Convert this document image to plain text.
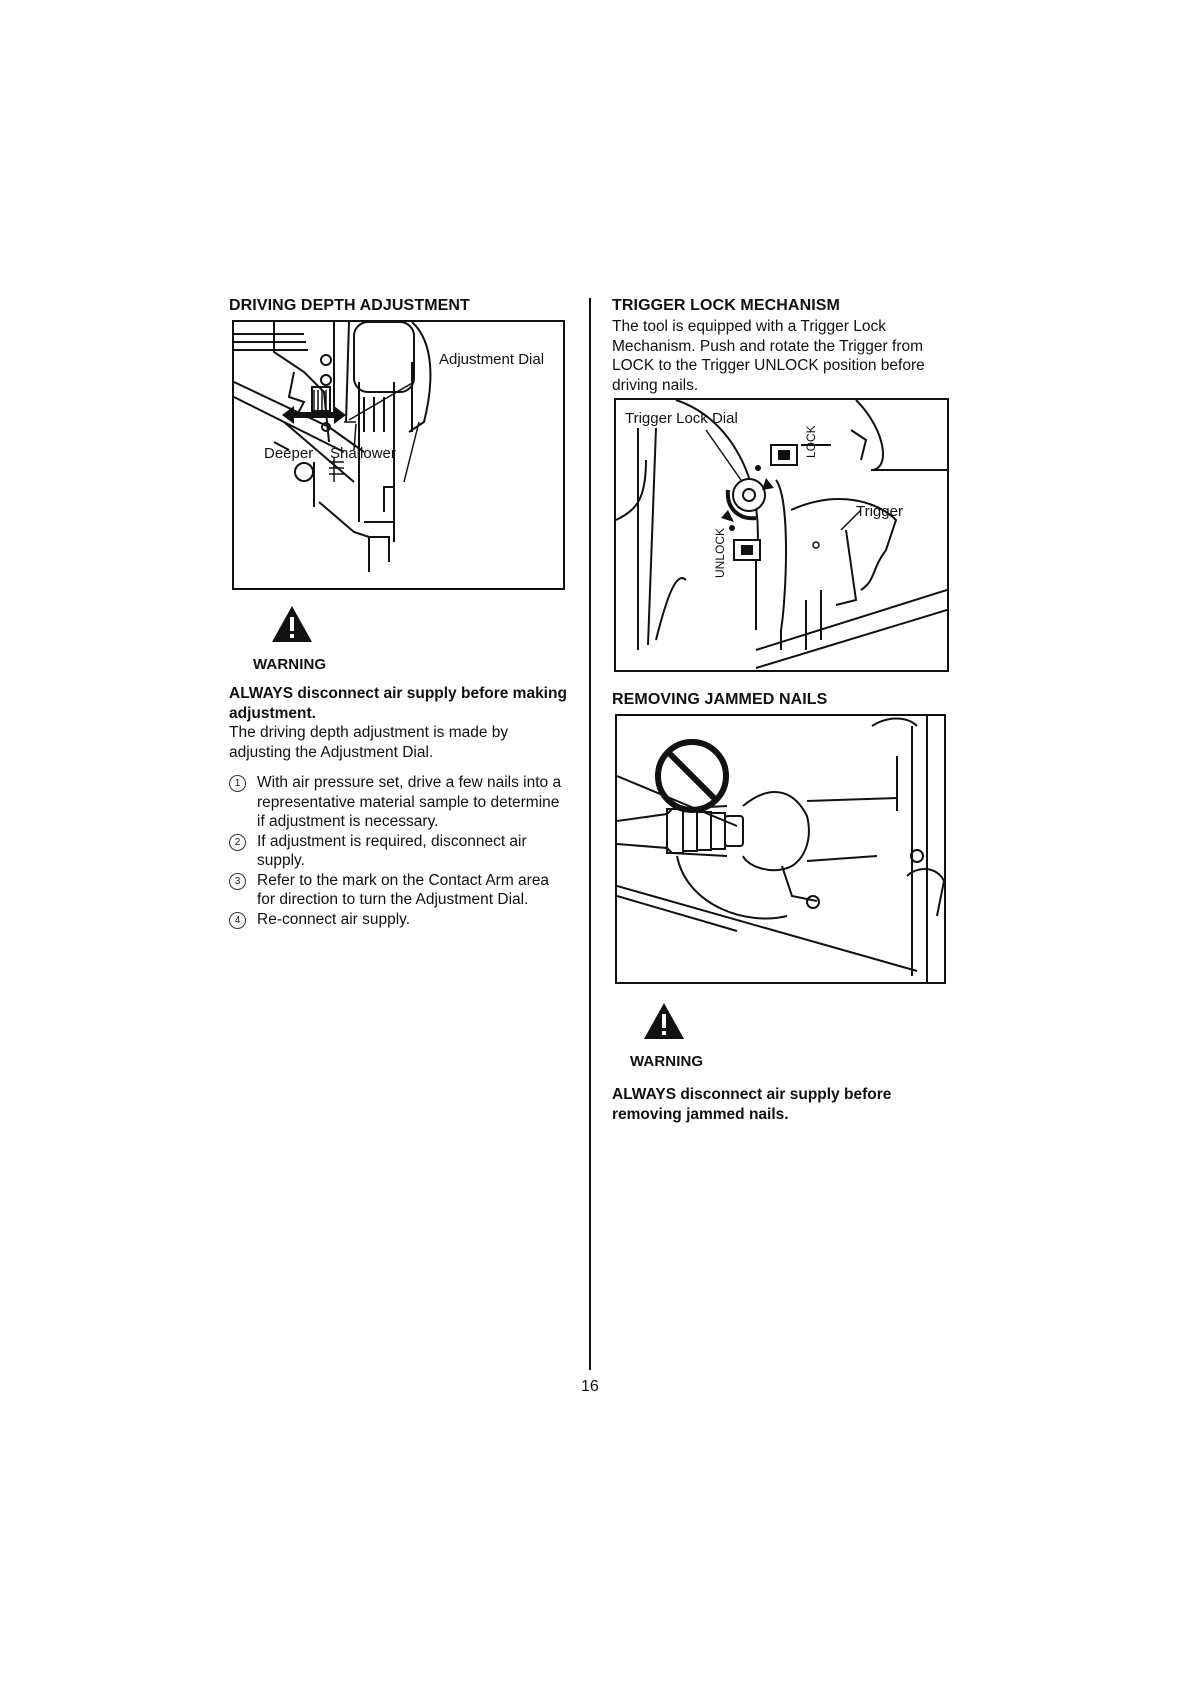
DRIVING DEPTH ADJUSTMENT
Adjustment Dial
Deeper Shallower
WARNING
ALWAYS disconnect air supply before making adjustment.
The driving depth adjustment is made by adjusting the Adjustment Dial.
1	With air pressure set, drive a few nails into a representative material sample to determine if adjustment is necessary.
2	If adjustment is required, disconnect air supply.
3	Refer to the mark on the Contact Arm area for direction to turn the Adjustment Dial.
4	Re-connect air supply.
TRIGGER LOCK MECHANISM
The tool is equipped with a Trigger Lock Mechanism. Push and rotate the Trigger from LOCK to the Trigger UNLOCK position before driving nails.
Trigger Lock Dial
Trigger
LOCK
UNLOCK
REMOVING JAMMED NAILS
WARNING
ALWAYS disconnect air supply before removing jammed nails.
16
